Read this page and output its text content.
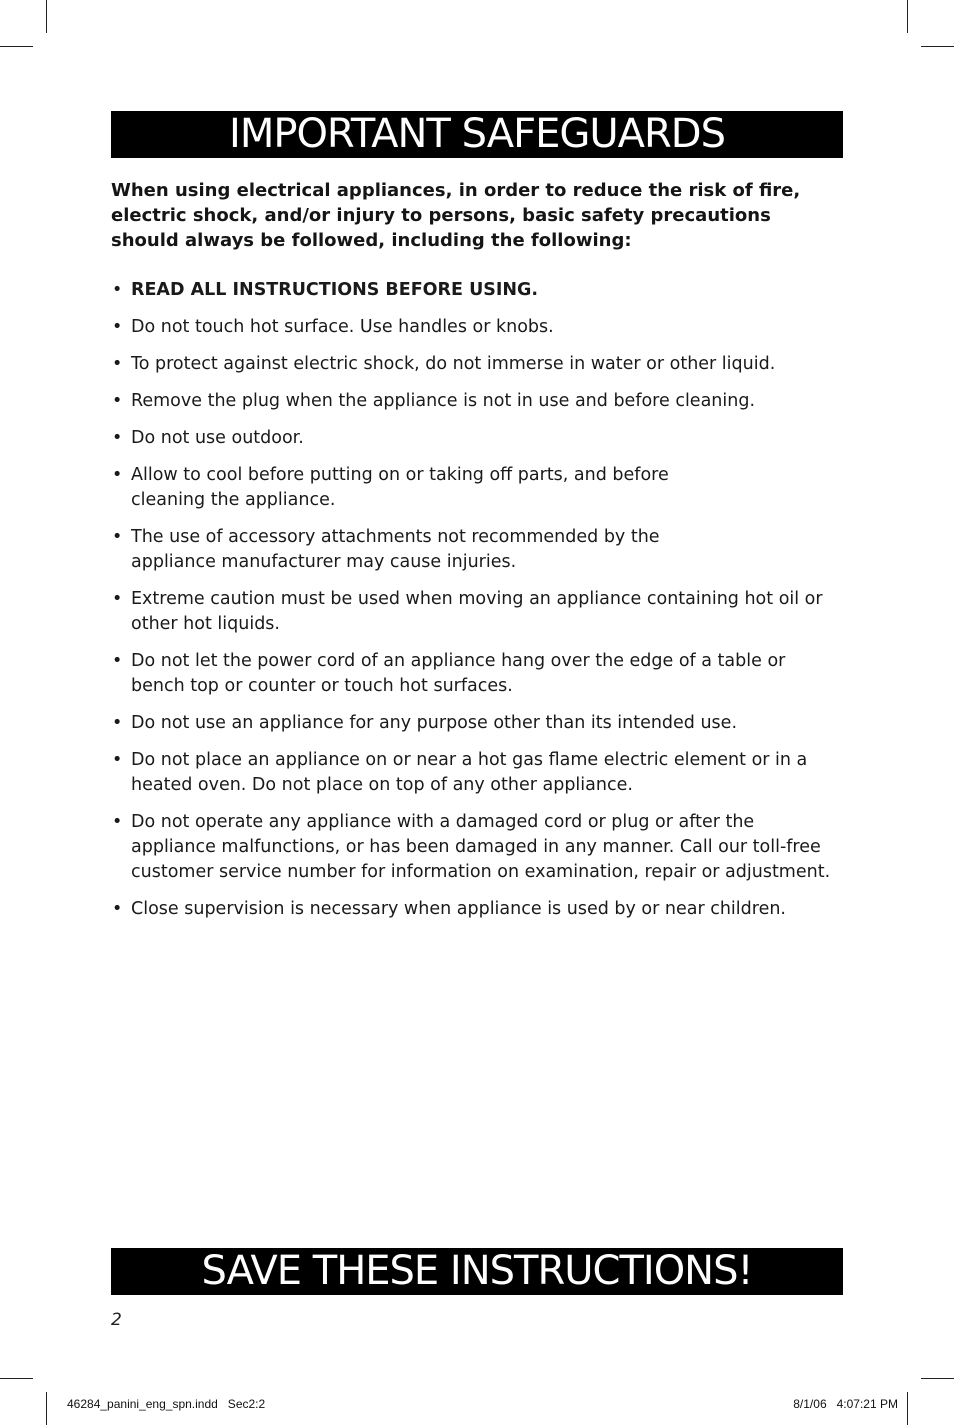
IMPORTANT SAFEGUARDS
When using electrical appliances, in order to reduce the risk of fire, electric shock, and/or injury to persons, basic safety precautions should always be followed, including the following:
• READ ALL INSTRUCTIONS BEFORE USING.
• Do not touch hot surface. Use handles or knobs.
• To protect against electric shock, do not immerse in water or other liquid.
• Remove the plug when the appliance is not in use and before cleaning.
• Do not use outdoor.
• Allow to cool before putting on or taking off parts, and before cleaning the appliance.
• The use of accessory attachments not recommended by the appliance manufacturer may cause injuries.
• Extreme caution must be used when moving an appliance containing hot oil or other hot liquids.
• Do not let the power cord of an appliance hang over the edge of a table or bench top or counter or touch hot surfaces.
• Do not use an appliance for any purpose other than its intended use.
• Do not place an appliance on or near a hot gas flame electric element or in a heated oven. Do not place on top of any other appliance.
• Do not operate any appliance with a damaged cord or plug or after the appliance malfunctions, or has been damaged in any manner. Call our toll-free customer service number for information on examination, repair or adjustment.
• Close supervision is necessary when appliance is used by or near children.
SAVE THESE INSTRUCTIONS!
2
46284_panini_eng_spn.indd   Sec2:2	8/1/06   4:07:21 PM
